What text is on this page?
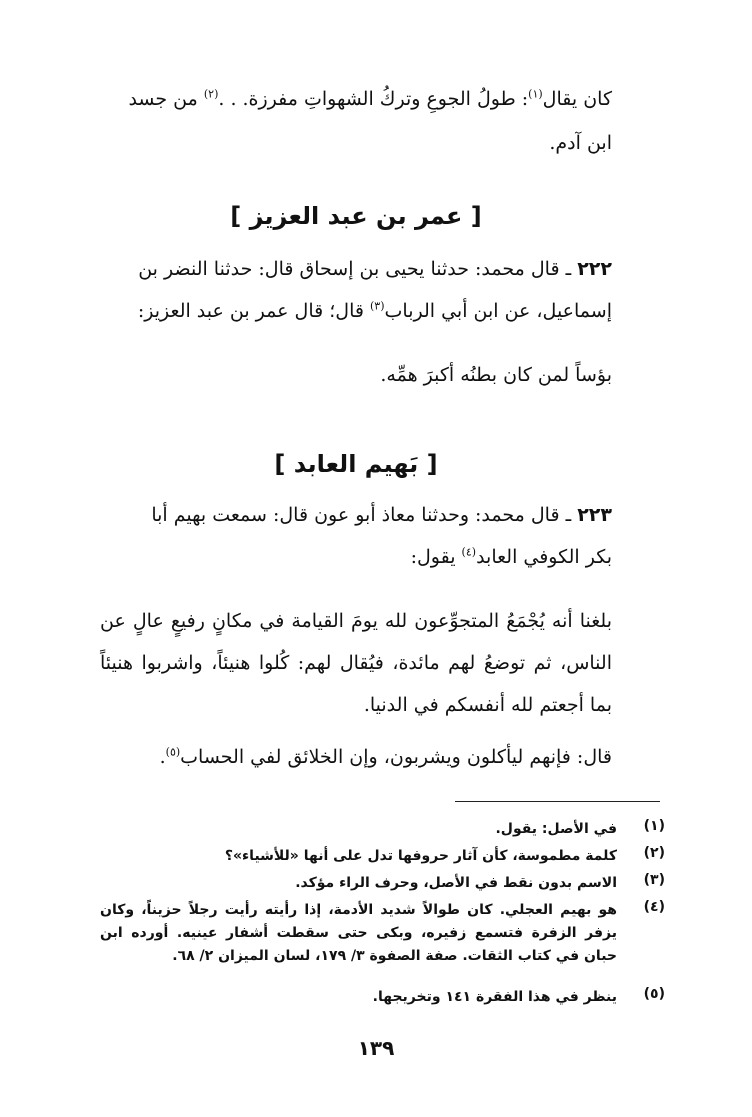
كان يقال$^{(١)}$: طولُ الجوعِ وتركُ الشهواتِ مفرزة. . .$^{(٢)}$ من جسد
ابن آدم.
[ عمر بن عبد العزيز ]
٢٢٢ ـ قال محمد: حدثنا يحيى بن إسحاق قال: حدثنا النضر بن
إسماعيل، عن ابن أبي الرباب$^{(٣)}$ قال؛ قال عمر بن عبد العزيز:
بؤساً لمن كان بطنُه أكبرَ همِّه.
[ بَهيم العابد ]
٢٢٣ ـ قال محمد: وحدثنا معاذ أبو عون قال: سمعت بهيم أبا
بكر الكوفي العابد$^{(٤)}$ يقول:

بلغنا أنه يُجْمَعُ المتجوِّعون لله يومَ القيامة في مكانٍ رفيعٍ عالٍ عن الناس، ثم توضعُ لهم مائدة، فيُقال لهم: كُلوا هنيئاً، واشربوا هنيئاً بما أجعتم لله أنفسكم في الدنيا.

قال: فإنهم ليأكلون ويشربون، وإن الخلائق لفي الحساب$^{(٥)}$.
(١)
في الأصل: يقول.
(٢)
كلمة مطموسة، كأن آثار حروفها تدل على أنها «للأشياء»؟
(٣)
الاسم بدون نقط في الأصل، وحرف الراء مؤكد.
(٤)
هو بهيم العجلي. كان طوالاً شديد الأدمة، إذا رأيته رأيت رجلاً حزيناً، وكان يزفر الزفرة فتسمع زفيره، وبكى حتى سقطت أشفار عينيه. أورده ابن حبان في كتاب الثقات. صفة الصفوة ٣/ ١٧٩، لسان الميزان ٢/ ٦٨.
(٥)
ينظر في هذا الفقرة ١٤١ وتخريجها.
١٣٩
